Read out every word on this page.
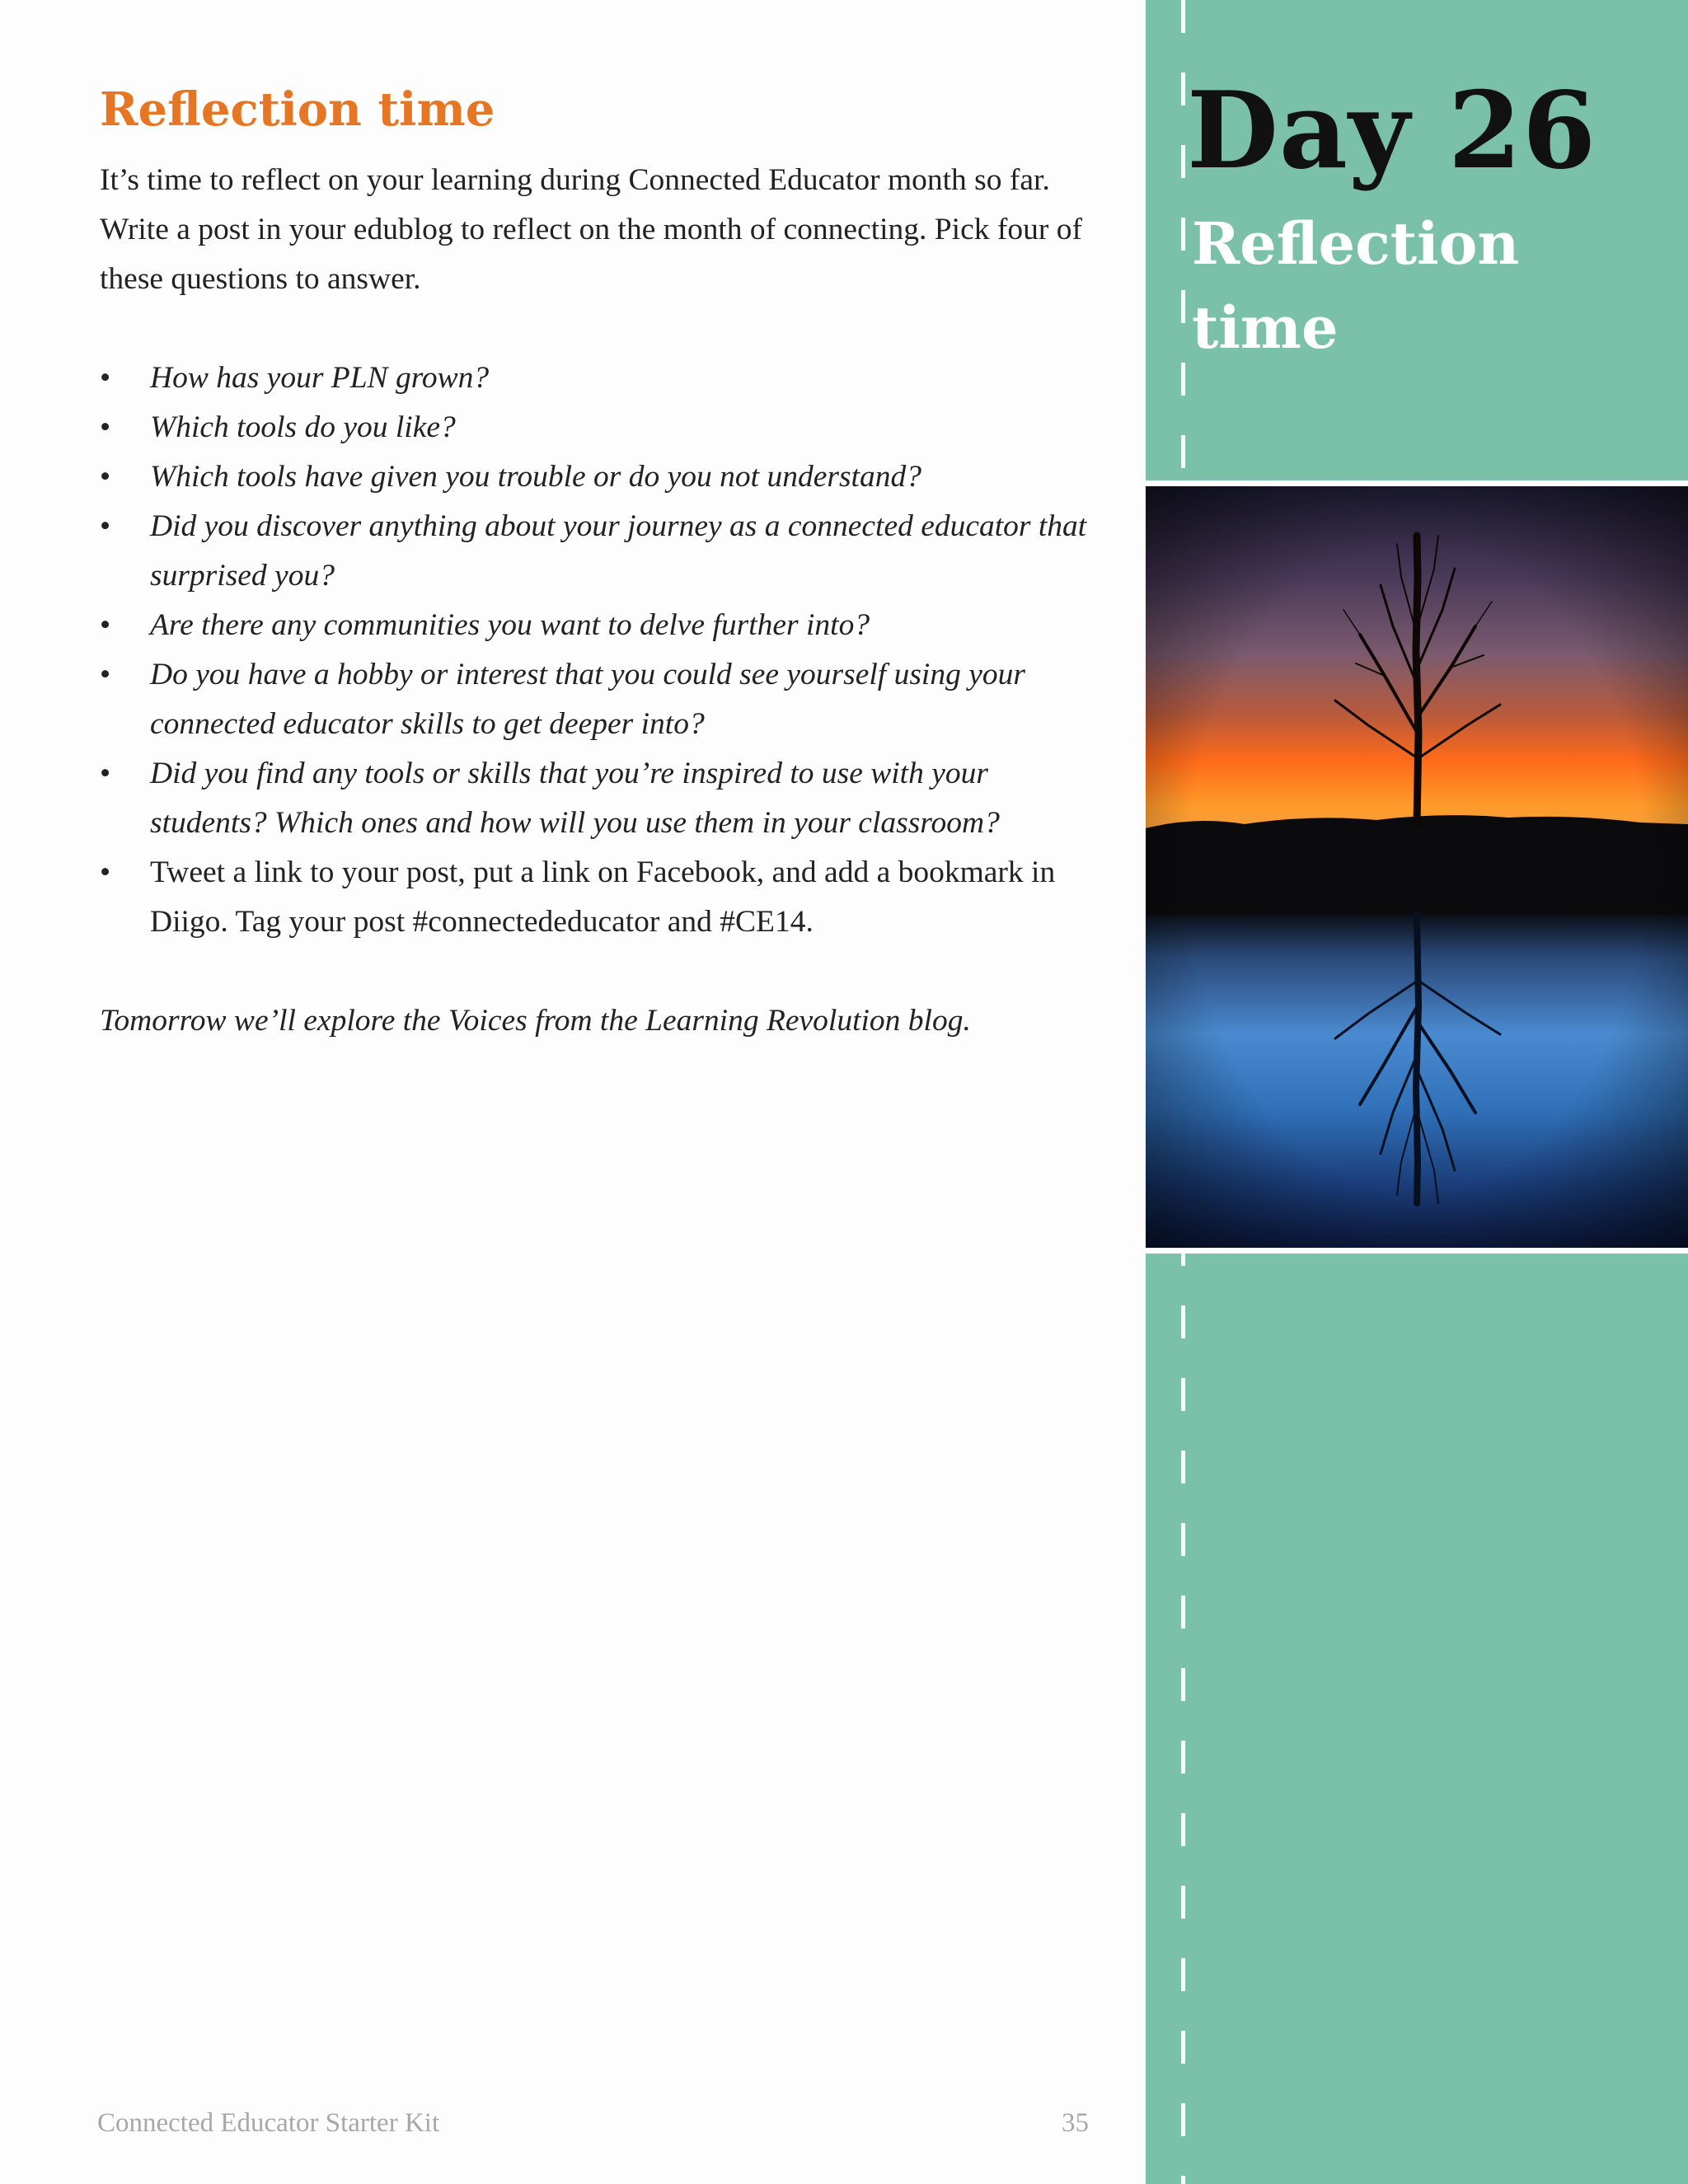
Reflection time

It’s time to reflect on your learning during Connected Educator month so far. Write a post in your edublog to reflect on the month of connecting. Pick four of these questions to answer.

• How has your PLN grown?
• Which tools do you like?
• Which tools have given you trouble or do you not understand?
• Did you discover anything about your journey as a connected educator that surprised you?
• Are there any communities you want to delve further into?
• Do you have a hobby or interest that you could see yourself using your connected educator skills to get deeper into?
• Did you find any tools or skills that you’re inspired to use with your students? Which ones and how will you use them in your classroom?
• Tweet a link to your post, put a link on Facebook, and add a bookmark in Diigo. Tag your post #connectededucator and #CE14.

Tomorrow we’ll explore the Voices from the Learning Revolution blog.

Connected Educator Starter Kit	35
Day 26
Reflection time
